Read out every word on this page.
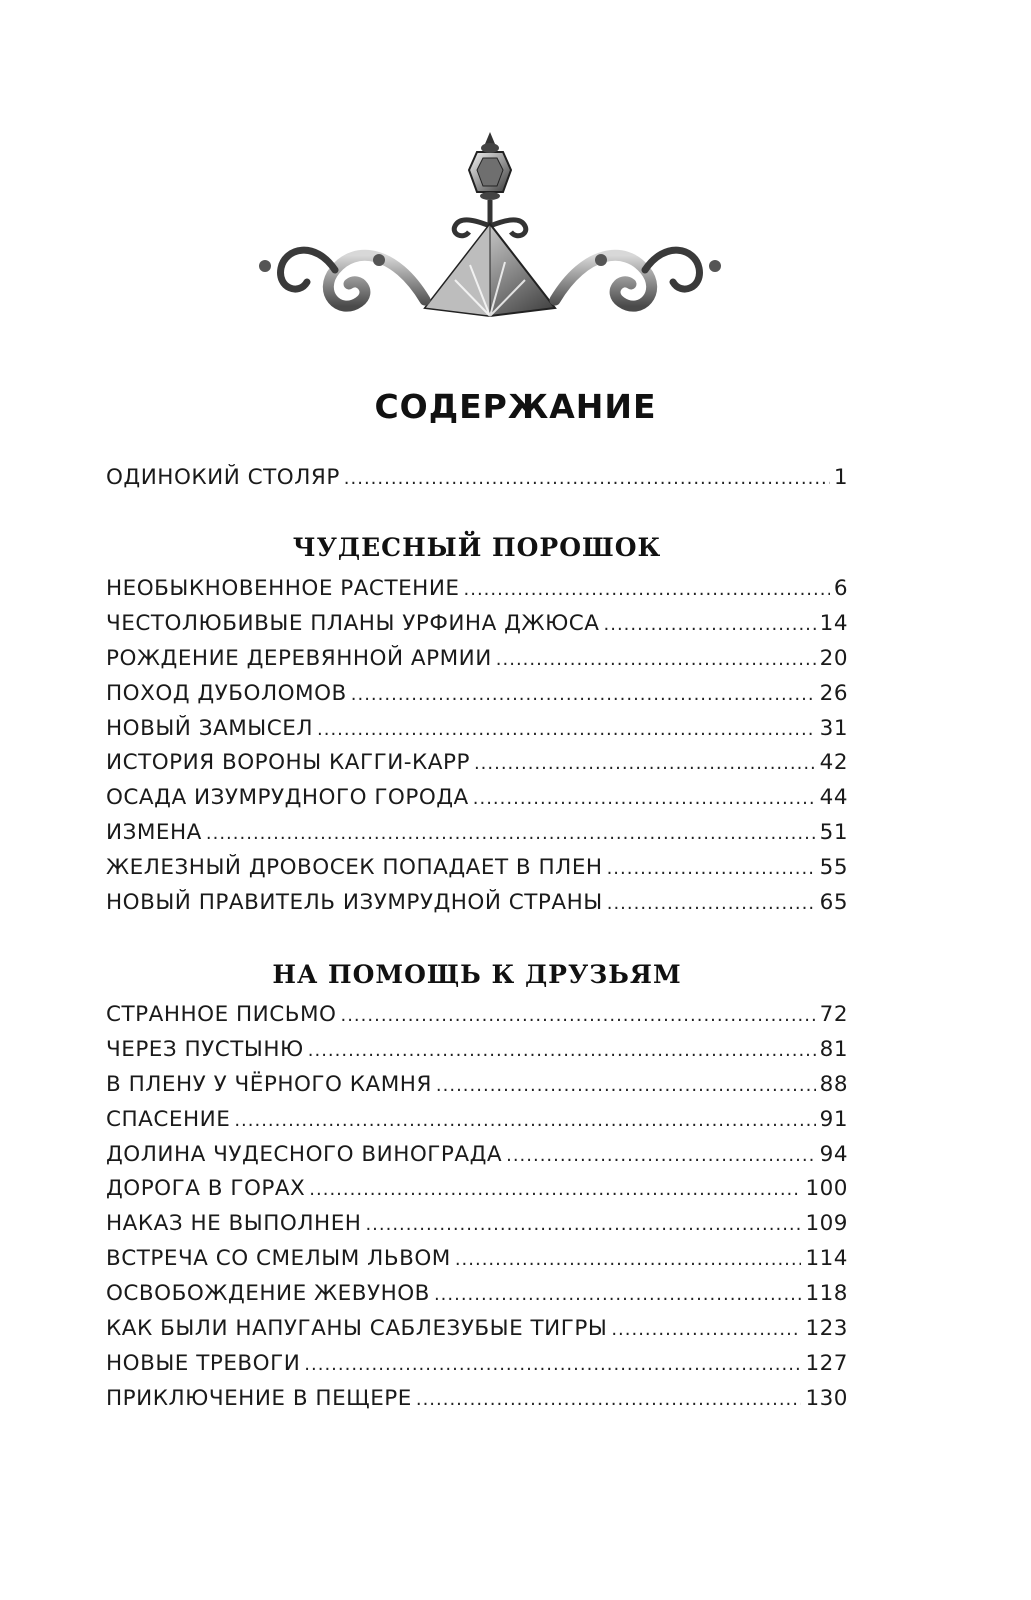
СОДЕРЖАНИЕ
ОДИНОКИЙ СТОЛЯР .....	1
ЧУДЕСНЫЙ ПОРОШОК
НЕОБЫКНОВЕННОЕ РАСТЕНИЕ .....	6
ЧЕСТОЛЮБИВЫЕ ПЛАНЫ УРФИНА ДЖЮСА .....	14
РОЖДЕНИЕ ДЕРЕВЯННОЙ АРМИИ .....	20
ПОХОД ДУБОЛОМОВ .....	26
НОВЫЙ ЗАМЫСЕЛ .....	31
ИСТОРИЯ ВОРОНЫ КАГГИ-КАРР .....	42
ОСАДА ИЗУМРУДНОГО ГОРОДА .....	44
ИЗМЕНА .....	51
ЖЕЛЕЗНЫЙ ДРОВОСЕК ПОПАДАЕТ В ПЛЕН .....	55
НОВЫЙ ПРАВИТЕЛЬ ИЗУМРУДНОЙ СТРАНЫ .....	65
НА ПОМОЩЬ К ДРУЗЬЯМ
СТРАННОЕ ПИСЬМО .....	72
ЧЕРЕЗ ПУСТЫНЮ .....	81
В ПЛЕНУ У ЧЁРНОГО КАМНЯ .....	88
СПАСЕНИЕ .....	91
ДОЛИНА ЧУДЕСНОГО ВИНОГРАДА .....	94
ДОРОГА В ГОРАХ .....	100
НАКАЗ НЕ ВЫПОЛНЕН .....	109
ВСТРЕЧА СО СМЕЛЫМ ЛЬВОМ .....	114
ОСВОБОЖДЕНИЕ ЖЕВУНОВ .....	118
КАК БЫЛИ НАПУГАНЫ САБЛЕЗУБЫЕ ТИГРЫ .....	123
НОВЫЕ ТРЕВОГИ .....	127
ПРИКЛЮЧЕНИЕ В ПЕЩЕРЕ .....	130
